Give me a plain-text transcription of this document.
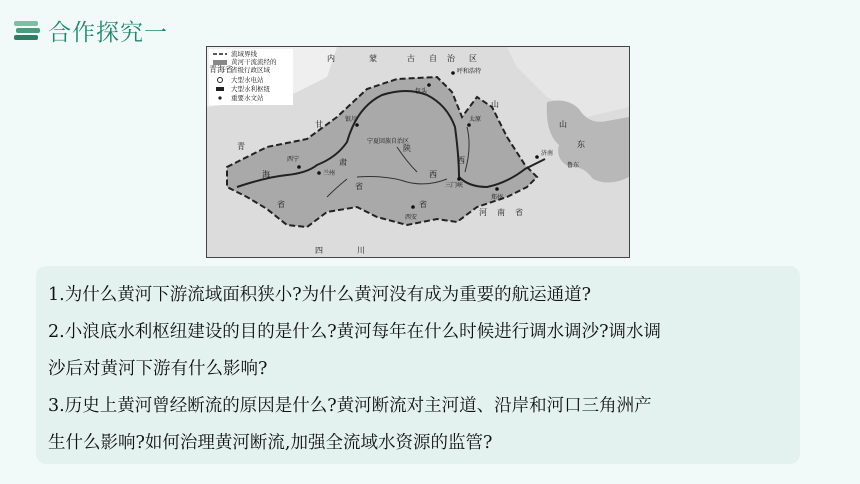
合作探究一
流域界线
黄河干流流经的
省级行政区域
大型水电站
大型水利枢纽
重要水文站
青海省
内	蒙	古 自 治 区
甘
肃
省
青
海
省
陕
西
省
山
西
河 南 省
山
东
四	川
宁夏回族自治区
银川
兰州
西宁
西安
郑州
太原
呼和浩特
包头
三门峡
济南
鲁东
1.为什么黄河下游流域面积狭小?为什么黄河没有成为重要的航运通道?
2.小浪底水利枢纽建设的目的是什么?黄河每年在什么时候进行调水调沙?调水调
沙后对黄河下游有什么影响?
3.历史上黄河曾经断流的原因是什么?黄河断流对主河道、沿岸和河口三角洲产
生什么影响?如何治理黄河断流,加强全流域水资源的监管?
